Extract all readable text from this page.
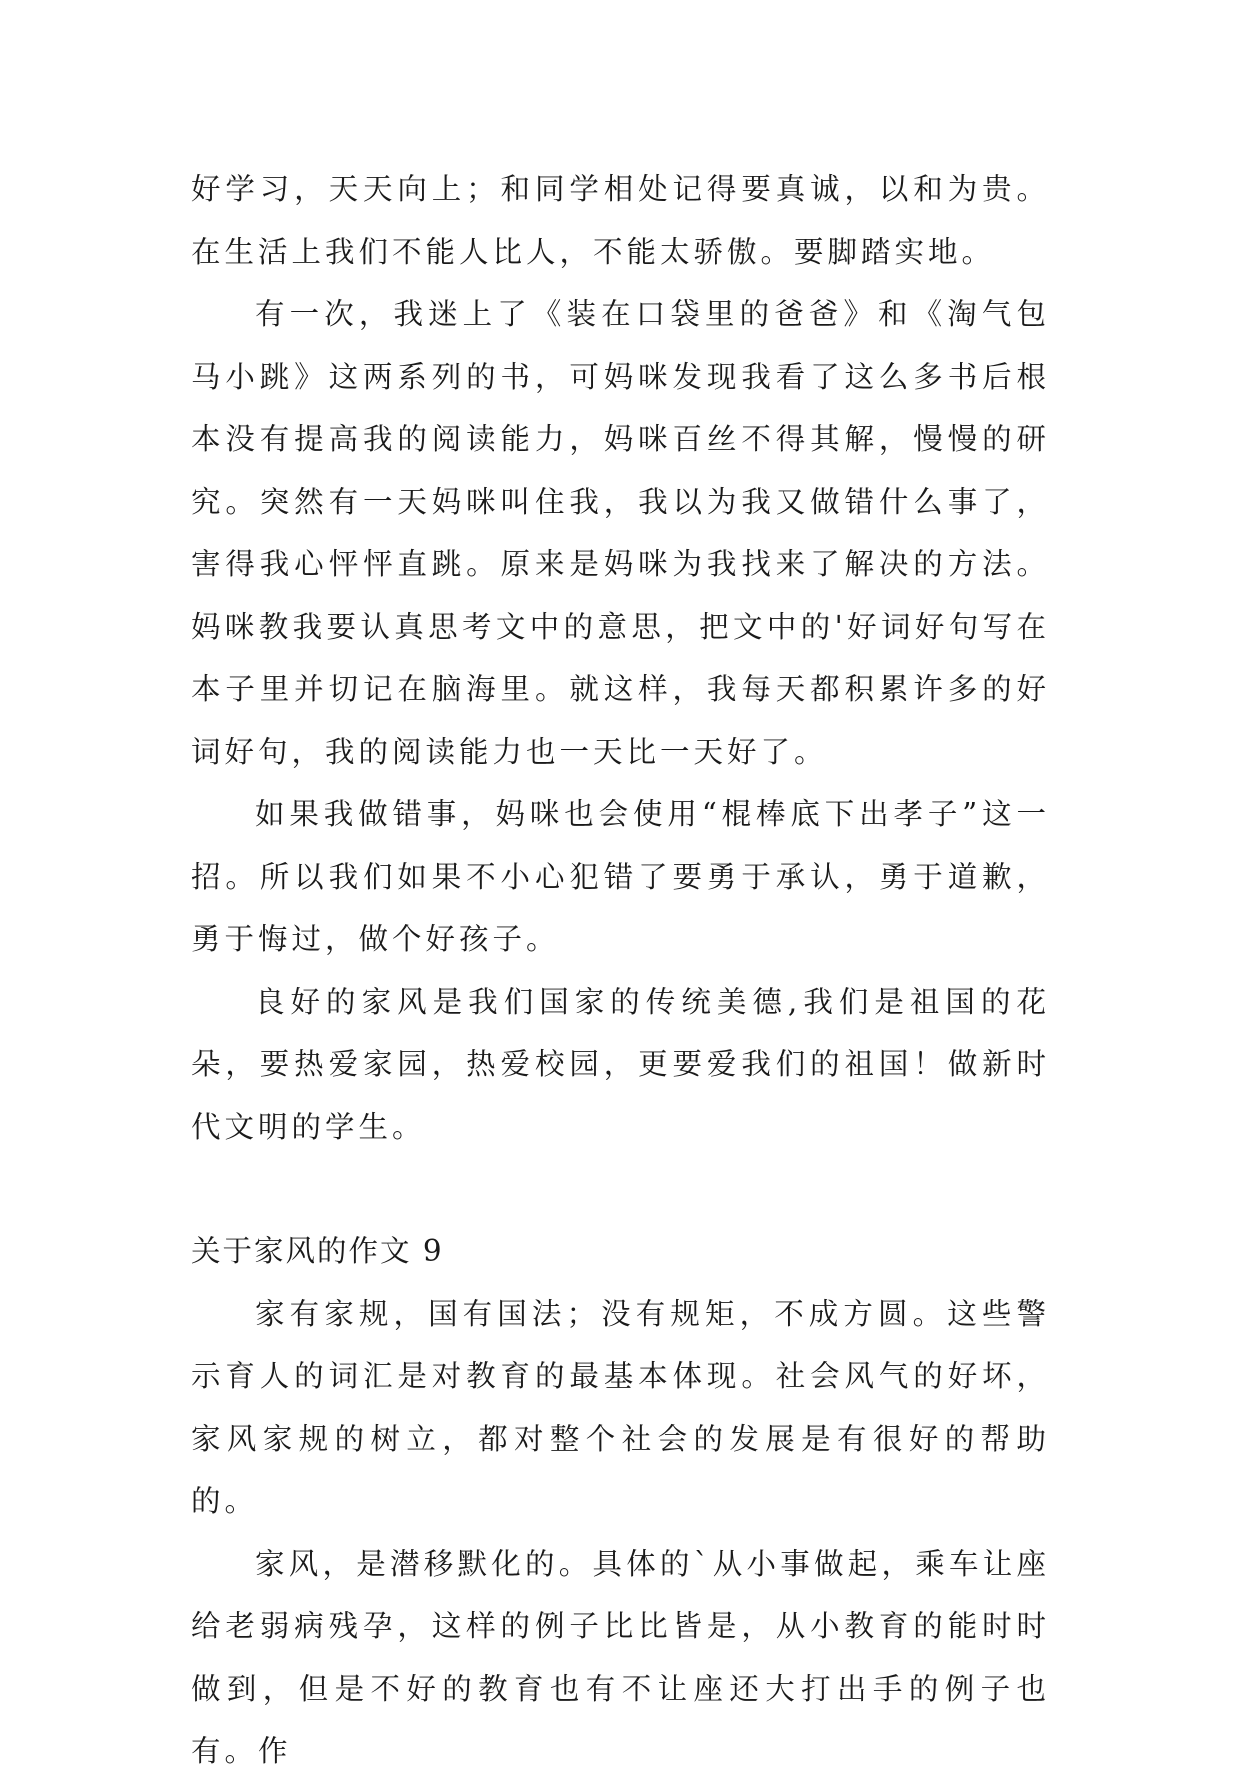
好学习，天天向上；和同学相处记得要真诚，以和为贵。在生活上我们不能人比人，不能太骄傲。要脚踏实地。

有一次，我迷上了《装在口袋里的爸爸》和《淘气包马小跳》这两系列的书，可妈咪发现我看了这么多书后根本没有提高我的阅读能力，妈咪百丝不得其解，慢慢的研究。突然有一天妈咪叫住我，我以为我又做错什么事了，害得我心怦怦直跳。原来是妈咪为我找来了解决的方法。妈咪教我要认真思考文中的意思，把文中的'好词好句写在本子里并切记在脑海里。就这样，我每天都积累许多的好词好句，我的阅读能力也一天比一天好了。

如果我做错事，妈咪也会使用“棍棒底下出孝子”这一招。所以我们如果不小心犯错了要勇于承认，勇于道歉，勇于悔过，做个好孩子。

良好的家风是我们国家的传统美德,我们是祖国的花朵，要热爱家园，热爱校园，更要爱我们的祖国！做新时代文明的学生。

关于家风的作文 9

家有家规，国有国法；没有规矩，不成方圆。这些警示育人的词汇是对教育的最基本体现。社会风气的好坏，家风家规的树立，都对整个社会的发展是有很好的帮助的。

家风，是潜移默化的。具体的`从小事做起，乘车让座给老弱病残孕，这样的例子比比皆是，从小教育的能时时做到，但是不好的教育也有不让座还大打出手的例子也有。作
